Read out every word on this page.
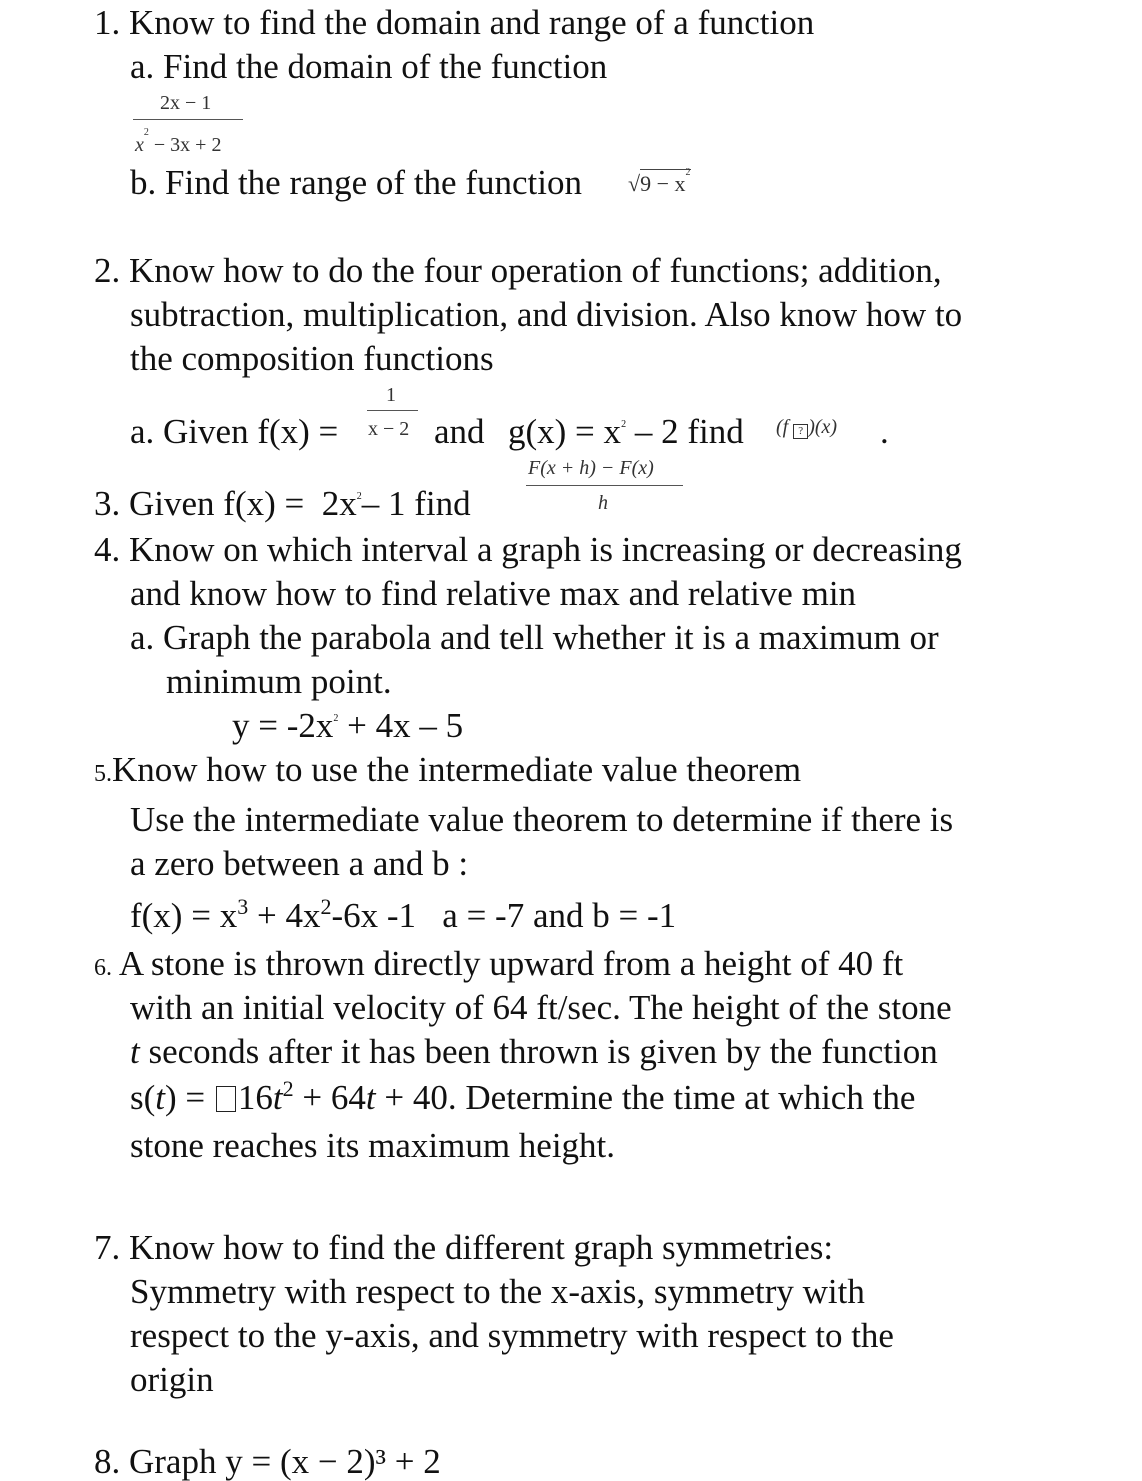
1. Know to find the domain and range of a function
a. Find the domain of the function
2x − 1
$x^2 - 3x + 2$
b. Find the range of the function $√9 - x^2$
2. Know how to do the four operation of functions; addition,
subtraction, multiplication, and division. Also know how to
the composition functions
a. Given f(x) =
1
x − 2 and $g(x) = x^2 - 2$ find (f ? )(x) .
3. Given $f(x) = 2x^2-$ 1 find
F(x + h) − F(x)
h
4. Know on which interval a graph is increasing or decreasing
and know how to find relative max and relative min
a. Graph the parabola and tell whether it is a maximum or
minimum point.
$y = -2x^2 + 4x - 5$
5.Know how to use the intermediate value theorem
Use the intermediate value theorem to determine if there is
a zero between a and b :
$f(x) = x^3 + 4x^2-6x$ -1 a = -7 and b = -1
6. A stone is thrown directly upward from a height of 40 ft
with an initial velocity of 64 ft/sec. The height of the stone
t seconds after it has been thrown is given by the function
$s(t) = 16t^2 + 64t + 40$. Determine the time at which the
stone reaches its maximum height.
7. Know how to find the different graph symmetries:
Symmetry with respect to the x-axis, symmetry with
respect to the y-axis, and symmetry with respect to the
origin
8. Graph y = (x − 2)³ + 2
